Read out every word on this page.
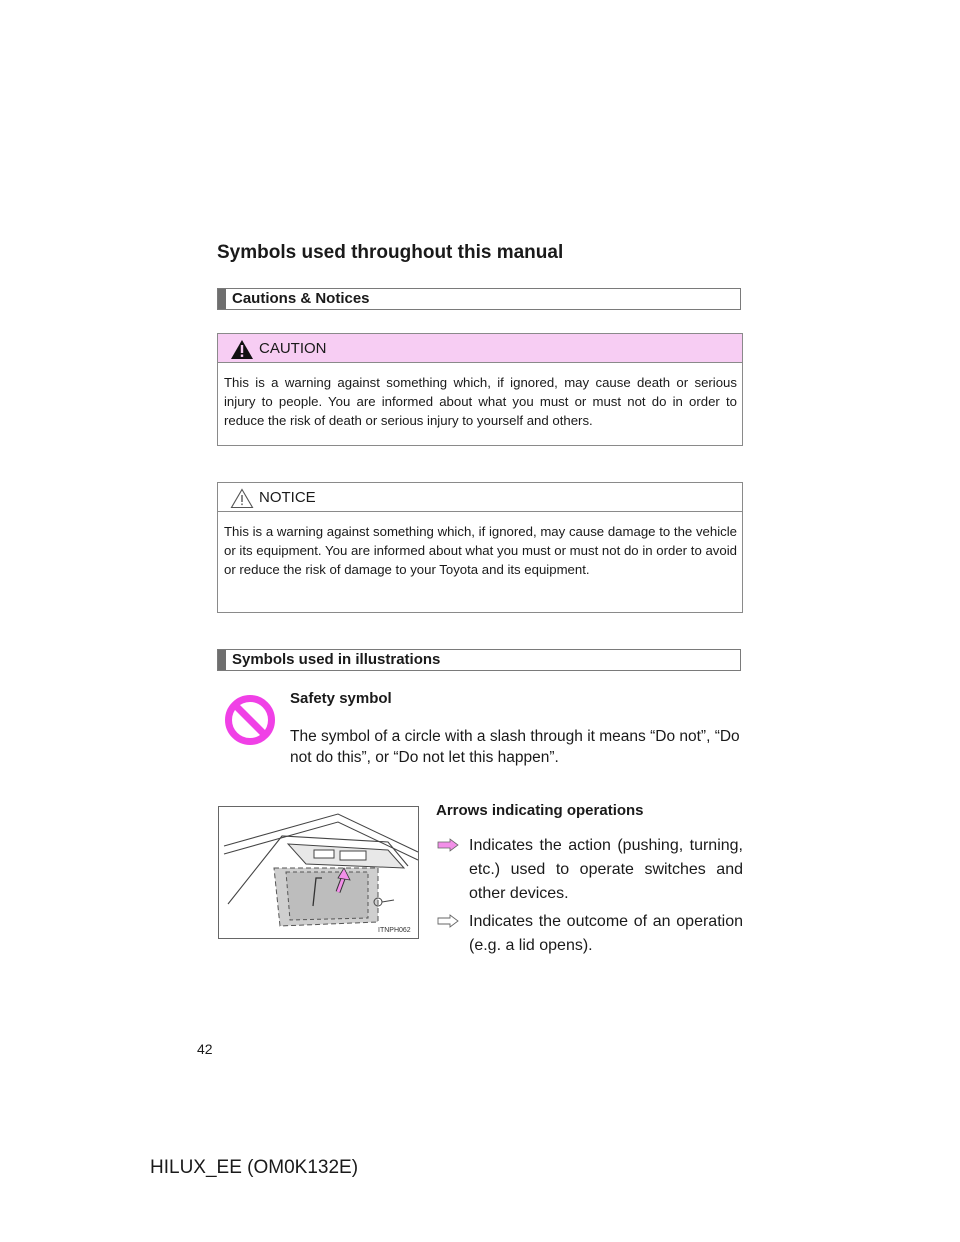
Symbols used throughout this manual
Cautions & Notices
CAUTION
This is a warning against something which, if ignored, may cause death or serious injury to people. You are informed about what you must or must not do in order to reduce the risk of death or serious injury to yourself and others.
NOTICE
This is a warning against something which, if ignored, may cause damage to the vehicle or its equipment. You are informed about what you must or must not do in order to avoid or reduce the risk of damage to your Toyota and its equipment.
Symbols used in illustrations
Safety symbol
The symbol of a circle with a slash through it means “Do not”, “Do not do this”, or “Do not let this happen”.
ITNPH062
Arrows indicating operations
Indicates the action (pushing, turning, etc.) used to operate switches and other devices.
Indicates the outcome of an operation (e.g. a lid opens).
42
HILUX_EE (OM0K132E)
